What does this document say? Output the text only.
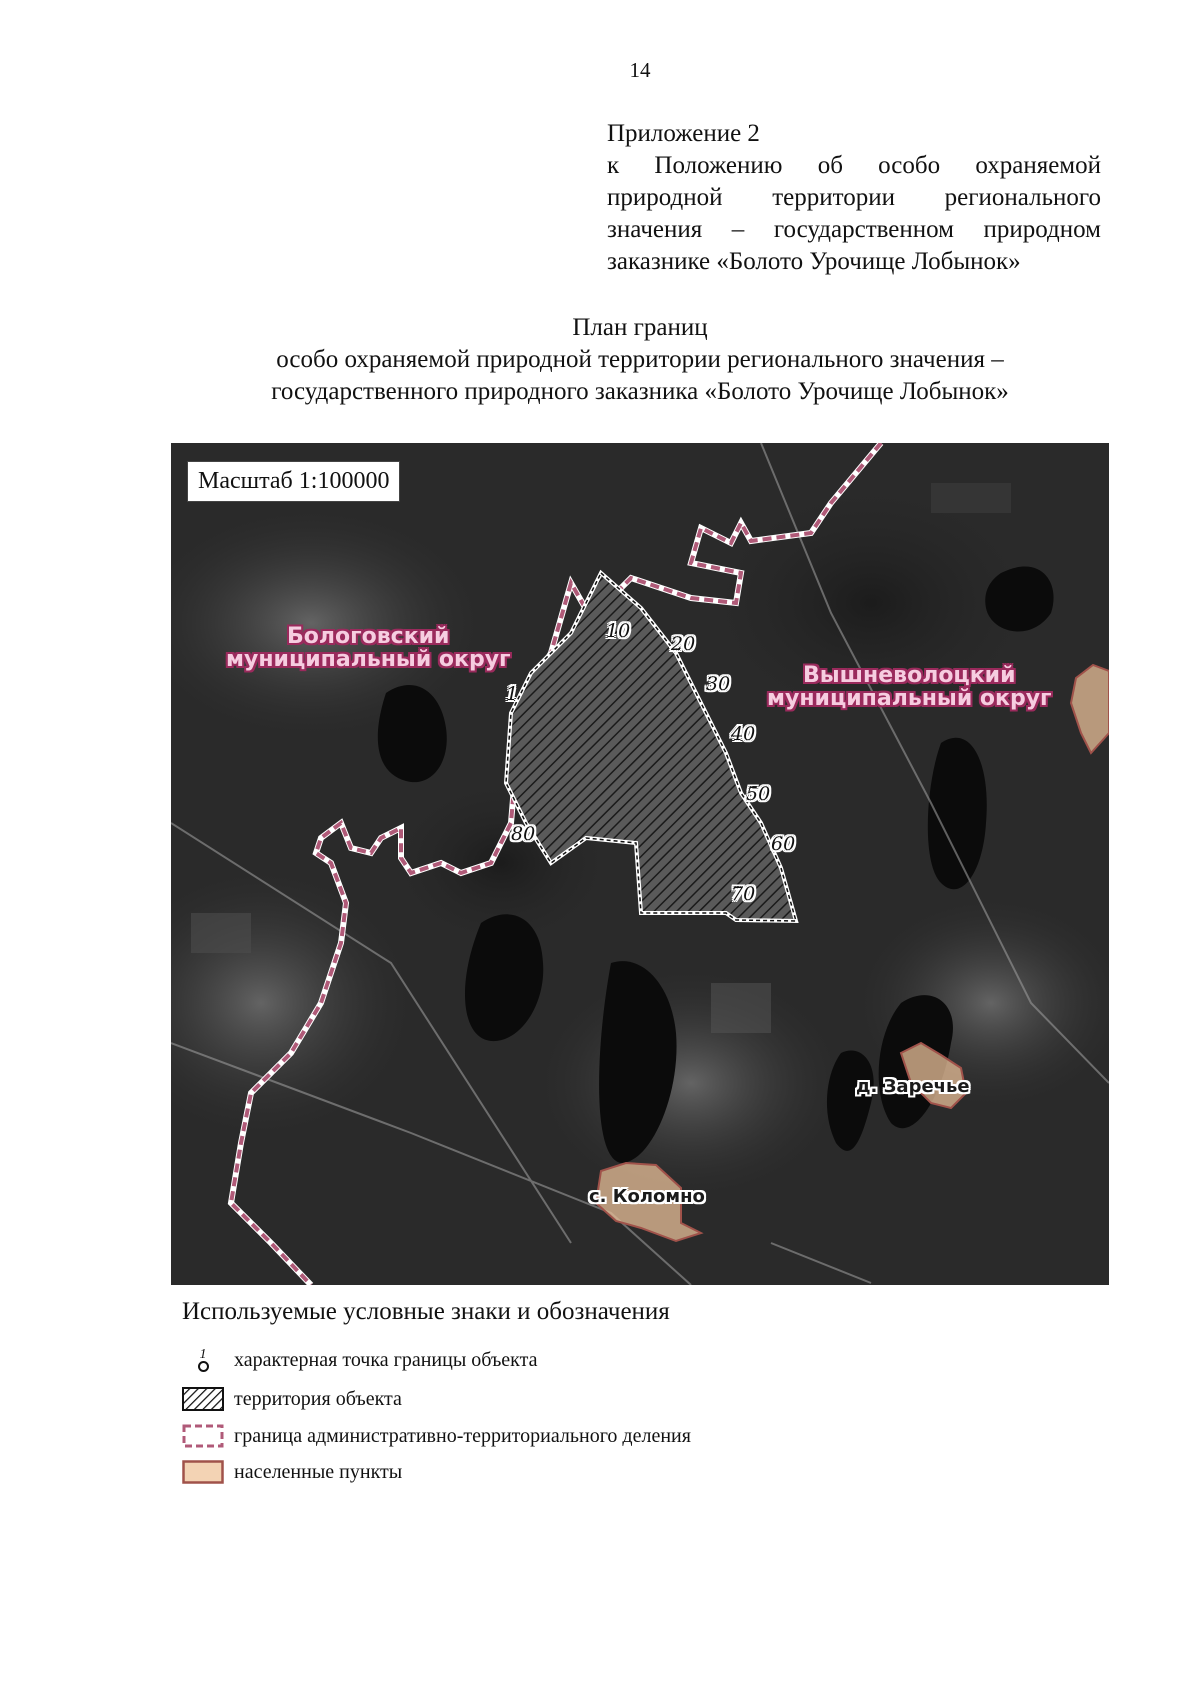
14
Приложение 2
к Положению об особо охраняемой природной территории регионального значения – государственном природном заказнике «Болото Урочище Лобынок»
План границ
особо охраняемой природной территории регионального значения –
государственного природного заказника «Болото Урочище Лобынок»
Масштаб 1:100000
Бологовский
муниципальный округ
Вышневолоцкий
муниципальный округ
д. Заречье
с. Коломно
1
10
20
30
40
50
60
70
80
Используемые условные знаки и обозначения
1 характерная точка границы объекта
территория объекта
граница административно-территориального деления
населенные пункты
